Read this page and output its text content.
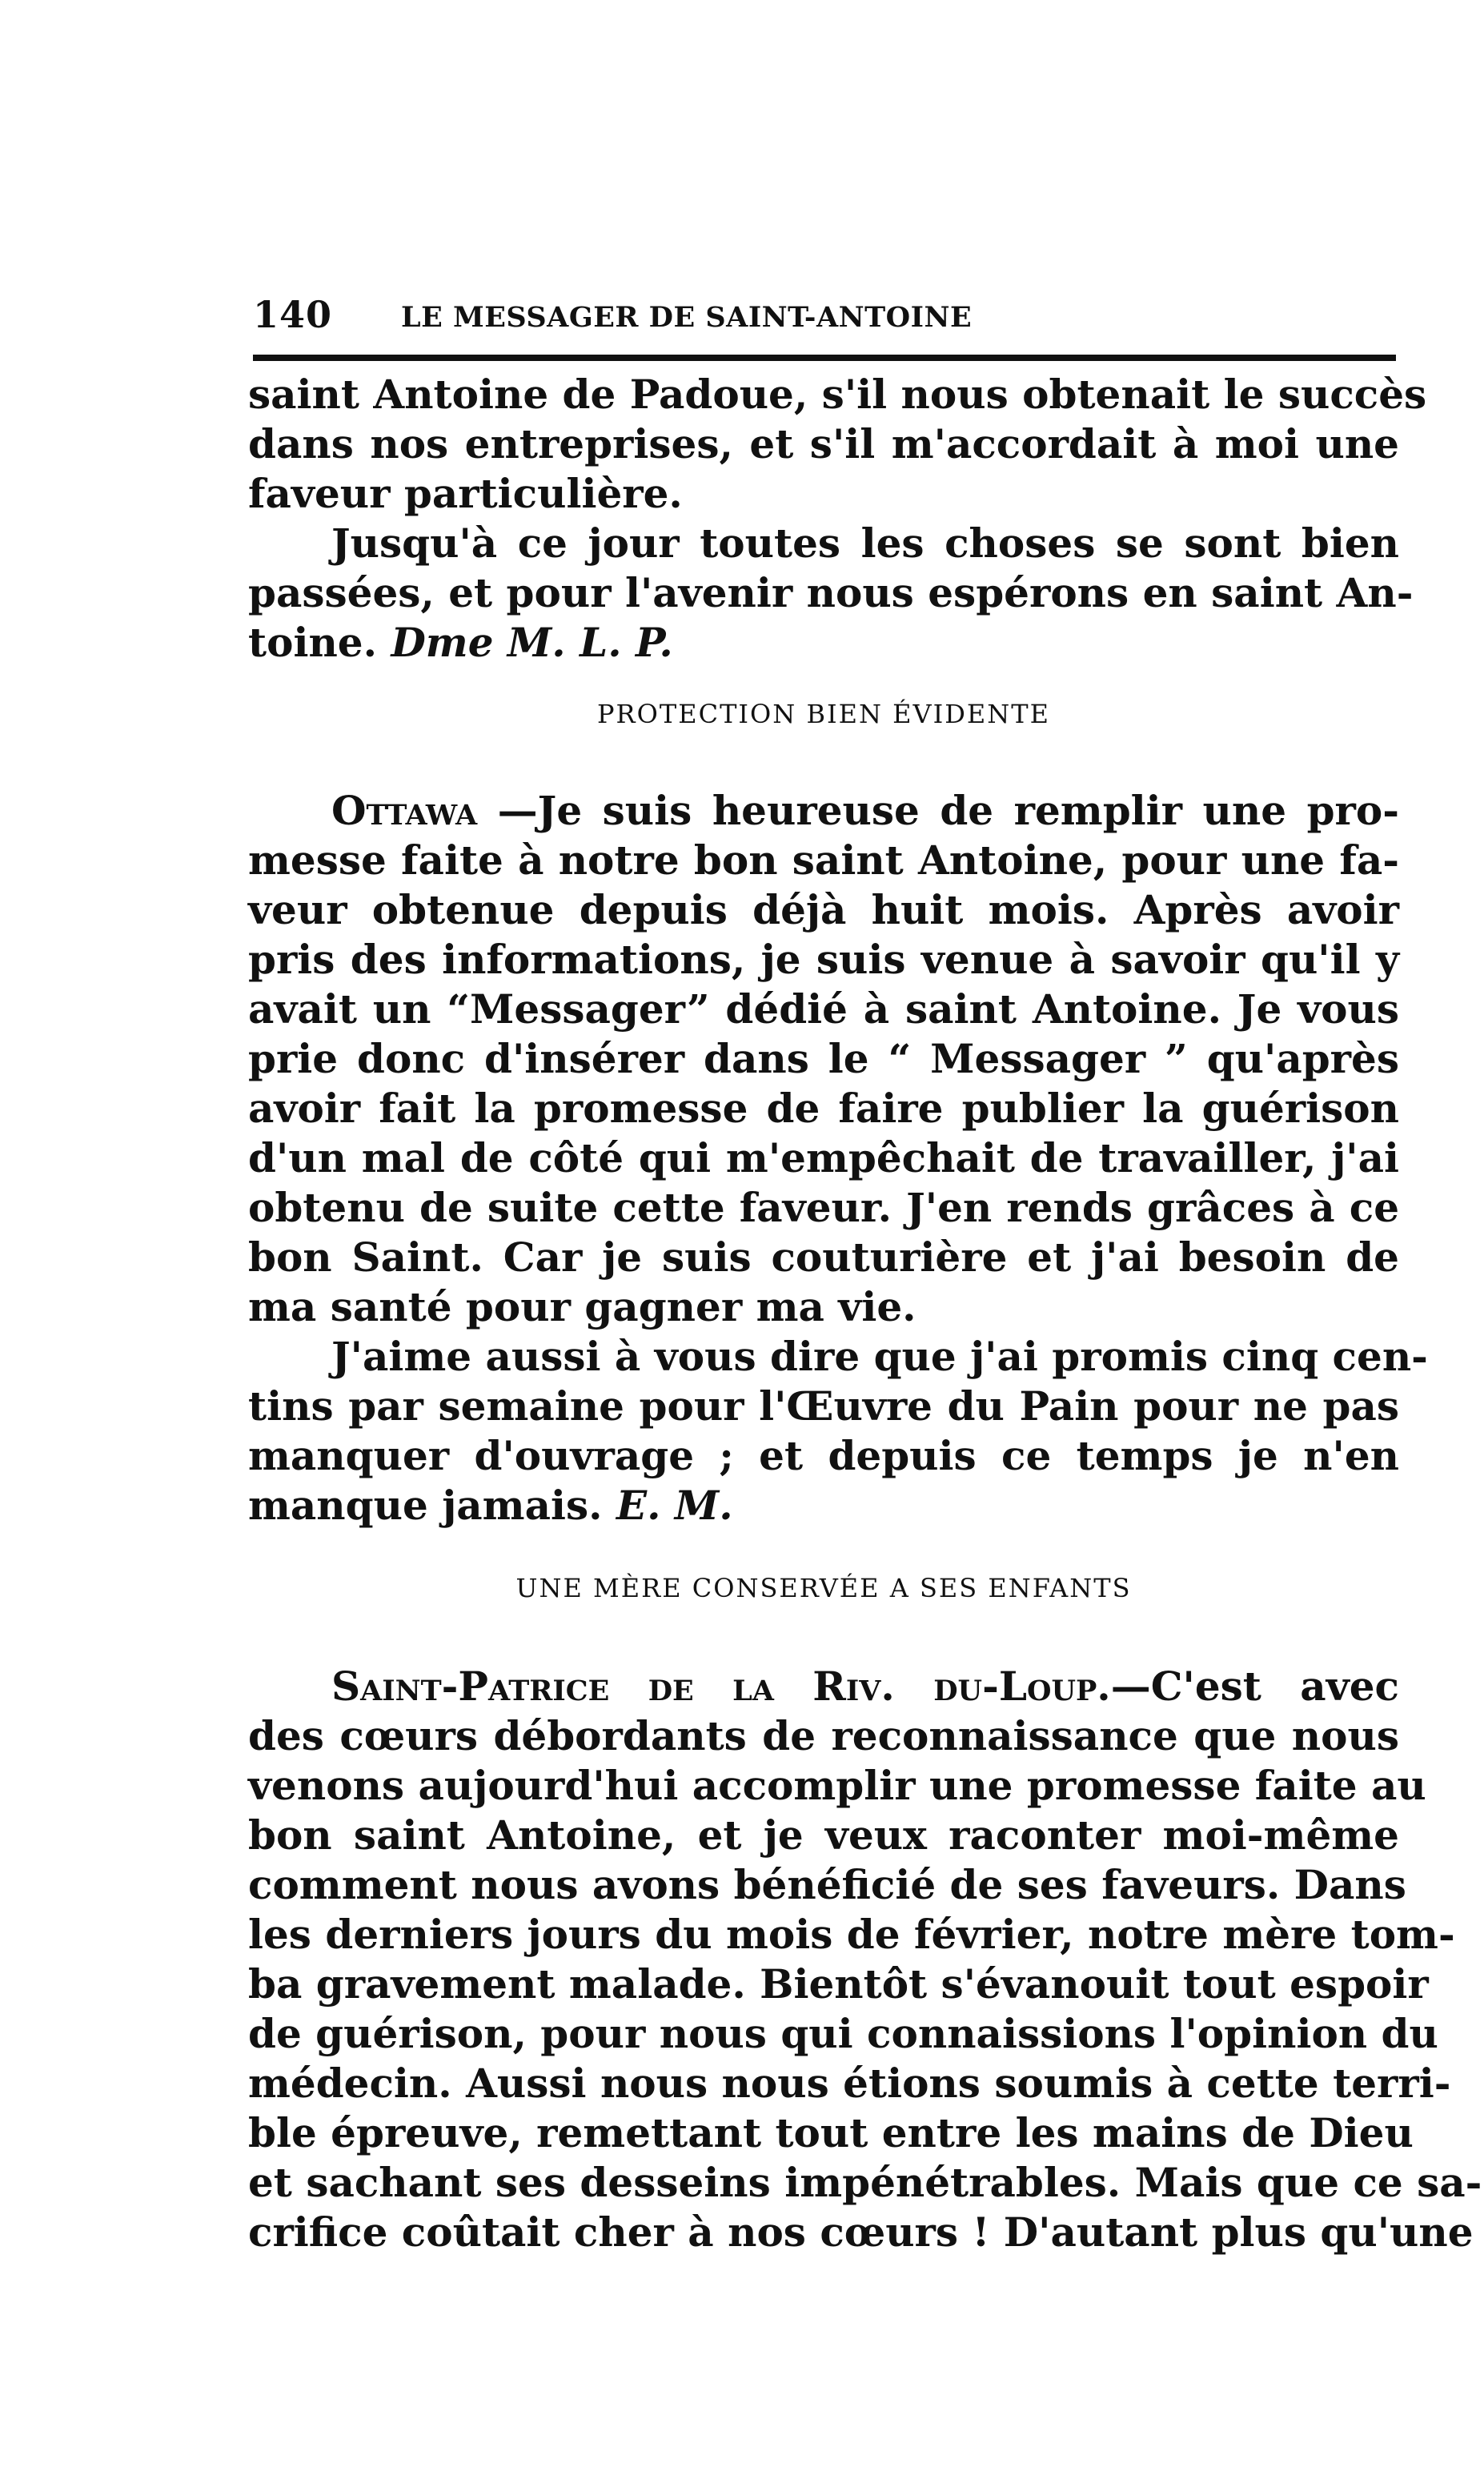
140 LE MESSAGER DE SAINT-ANTOINE
saint Antoine de Padoue, s'il nous obtenait le succès
dans nos entreprises, et s'il m'accordait à moi une
faveur particulière.
Jusqu'à ce jour toutes les choses se sont bien
passées, et pour l'avenir nous espérons en saint An-
toine. Dme M. L. P.
PROTECTION BIEN ÉVIDENTE
Ottawa —Je suis heureuse de remplir une pro-
messe faite à notre bon saint Antoine, pour une fa-
veur obtenue depuis déjà huit mois. Après avoir
pris des informations, je suis venue à savoir qu'il y
avait un “Messager” dédié à saint Antoine. Je vous
prie donc d'insérer dans le “ Messager ” qu'après
avoir fait la promesse de faire publier la guérison
d'un mal de côté qui m'empêchait de travailler, j'ai
obtenu de suite cette faveur. J'en rends grâces à ce
bon Saint. Car je suis couturière et j'ai besoin de
ma santé pour gagner ma vie.
J'aime aussi à vous dire que j'ai promis cinq cen-
tins par semaine pour l'Œuvre du Pain pour ne pas
manquer d'ouvrage ; et depuis ce temps je n'en
manque jamais. E. M.
UNE MÈRE CONSERVÉE A SES ENFANTS
Saint-Patrice de la Riv. du-Loup.—C'est avec
des cœurs débordants de reconnaissance que nous
venons aujourd'hui accomplir une promesse faite au
bon saint Antoine, et je veux raconter moi-même
comment nous avons bénéficié de ses faveurs. Dans
les derniers jours du mois de février, notre mère tom-
ba gravement malade. Bientôt s'évanouit tout espoir
de guérison, pour nous qui connaissions l'opinion du
médecin. Aussi nous nous étions soumis à cette terri-
ble épreuve, remettant tout entre les mains de Dieu
et sachant ses desseins impénétrables. Mais que ce sa-
crifice coûtait cher à nos cœurs ! D'autant plus qu'une
